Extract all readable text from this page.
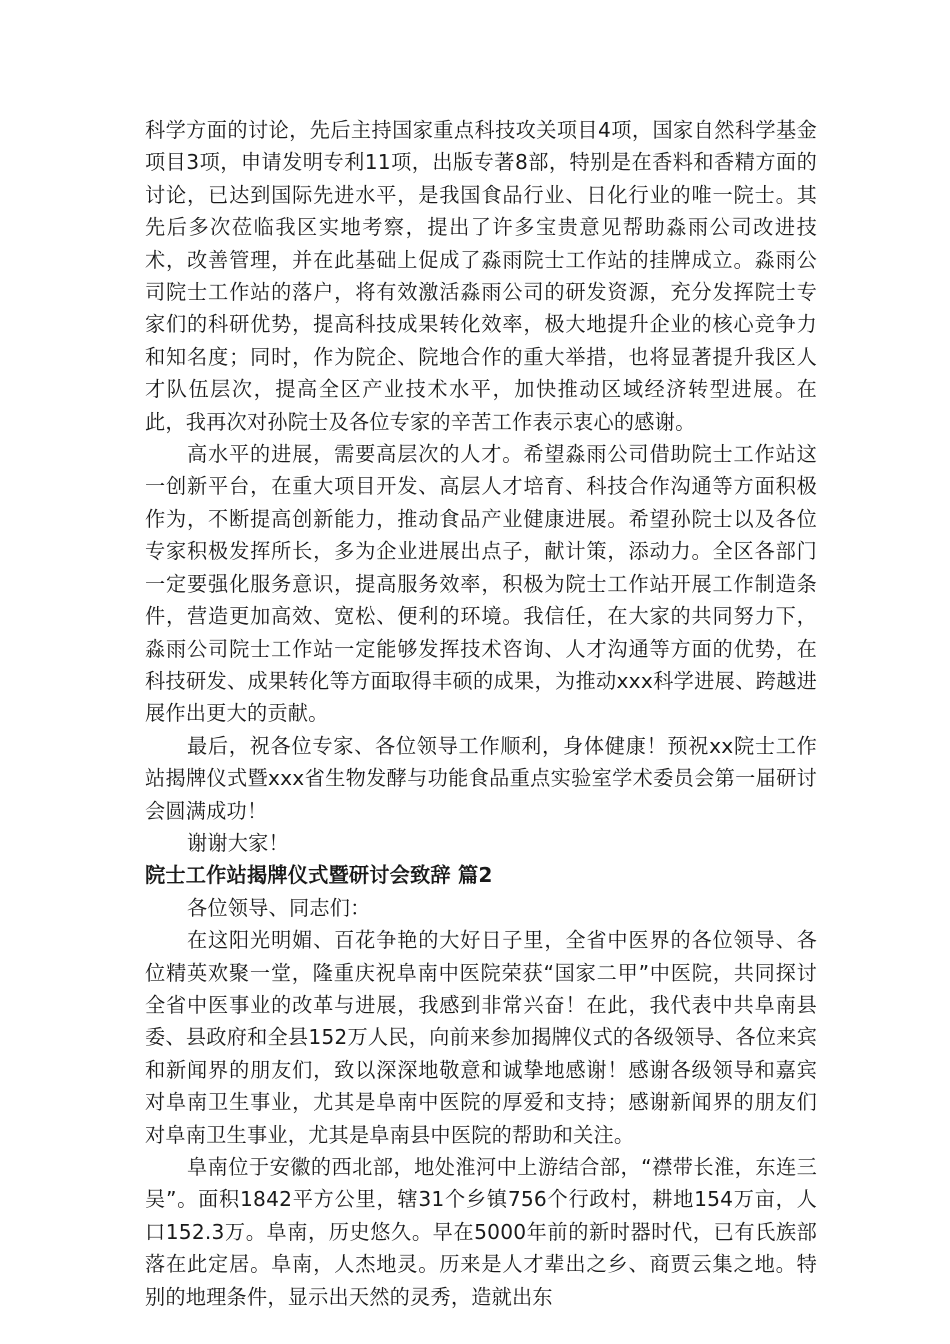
科学方面的讨论，先后主持国家重点科技攻关项目4项，国家自然科学基金项目3项，申请发明专利11项，出版专著8部，特别是在香料和香精方面的讨论，已达到国际先进水平，是我国食品行业、日化行业的唯一院士。其先后多次莅临我区实地考察，提出了许多宝贵意见帮助淼雨公司改进技术，改善管理，并在此基础上促成了淼雨院士工作站的挂牌成立。淼雨公司院士工作站的落户，将有效激活淼雨公司的研发资源，充分发挥院士专家们的科研优势，提高科技成果转化效率，极大地提升企业的核心竞争力和知名度；同时，作为院企、院地合作的重大举措，也将显著提升我区人才队伍层次，提高全区产业技术水平，加快推动区域经济转型进展。在此，我再次对孙院士及各位专家的辛苦工作表示衷心的感谢。

高水平的进展，需要高层次的人才。希望淼雨公司借助院士工作站这一创新平台，在重大项目开发、高层人才培育、科技合作沟通等方面积极作为，不断提高创新能力，推动食品产业健康进展。希望孙院士以及各位专家积极发挥所长，多为企业进展出点子，献计策，添动力。全区各部门一定要强化服务意识，提高服务效率，积极为院士工作站开展工作制造条件，营造更加高效、宽松、便利的环境。我信任，在大家的共同努力下，淼雨公司院士工作站一定能够发挥技术咨询、人才沟通等方面的优势，在科技研发、成果转化等方面取得丰硕的成果，为推动xxx科学进展、跨越进展作出更大的贡献。

最后，祝各位专家、各位领导工作顺利，身体健康！预祝xx院士工作站揭牌仪式暨xxx省生物发酵与功能食品重点实验室学术委员会第一届研讨会圆满成功！

谢谢大家！

院士工作站揭牌仪式暨研讨会致辞 篇2

各位领导、同志们：

在这阳光明媚、百花争艳的大好日子里，全省中医界的各位领导、各位精英欢聚一堂，隆重庆祝阜南中医院荣获“国家二甲”中医院，共同探讨全省中医事业的改革与进展，我感到非常兴奋！在此，我代表中共阜南县委、县政府和全县152万人民，向前来参加揭牌仪式的各级领导、各位来宾和新闻界的朋友们，致以深深地敬意和诚挚地感谢！感谢各级领导和嘉宾对阜南卫生事业，尤其是阜南中医院的厚爱和支持；感谢新闻界的朋友们对阜南卫生事业，尤其是阜南县中医院的帮助和关注。

阜南位于安徽的西北部，地处淮河中上游结合部，“襟带长淮，东连三吴”。面积1842平方公里，辖31个乡镇756个行政村，耕地154万亩，人口152.3万。阜南，历史悠久。早在5000年前的新时器时代，已有氏族部落在此定居。阜南，人杰地灵。历来是人才辈出之乡、商贾云集之地。特别的地理条件，显示出天然的灵秀，造就出东
